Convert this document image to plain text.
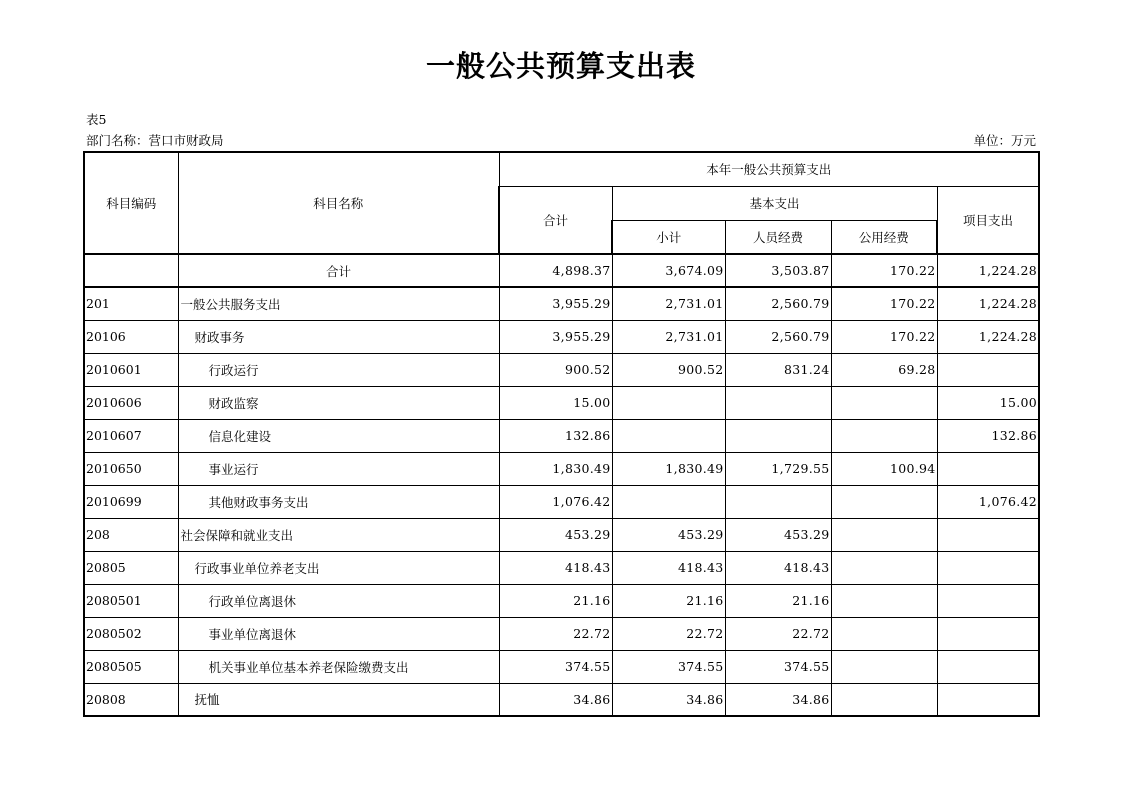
一般公共预算支出表
表5
部门名称：营口市财政局	单位：万元
科目编码	科目名称	本年一般公共预算支出				
		合计	基本支出			项目支出
			小计	人员经费	公用经费	
	合计	4,898.37	3,674.09	3,503.87	170.22	1,224.28
201	一般公共服务支出	3,955.29	2,731.01	2,560.79	170.22	1,224.28
20106	财政事务	3,955.29	2,731.01	2,560.79	170.22	1,224.28
2010601	行政运行	900.52	900.52	831.24	69.28	
2010606	财政监察	15.00				15.00
2010607	信息化建设	132.86				132.86
2010650	事业运行	1,830.49	1,830.49	1,729.55	100.94	
2010699	其他财政事务支出	1,076.42				1,076.42
208	社会保障和就业支出	453.29	453.29	453.29		
20805	行政事业单位养老支出	418.43	418.43	418.43		
2080501	行政单位离退休	21.16	21.16	21.16		
2080502	事业单位离退休	22.72	22.72	22.72		
2080505	机关事业单位基本养老保险缴费支出	374.55	374.55	374.55		
20808	抚恤	34.86	34.86	34.86		
